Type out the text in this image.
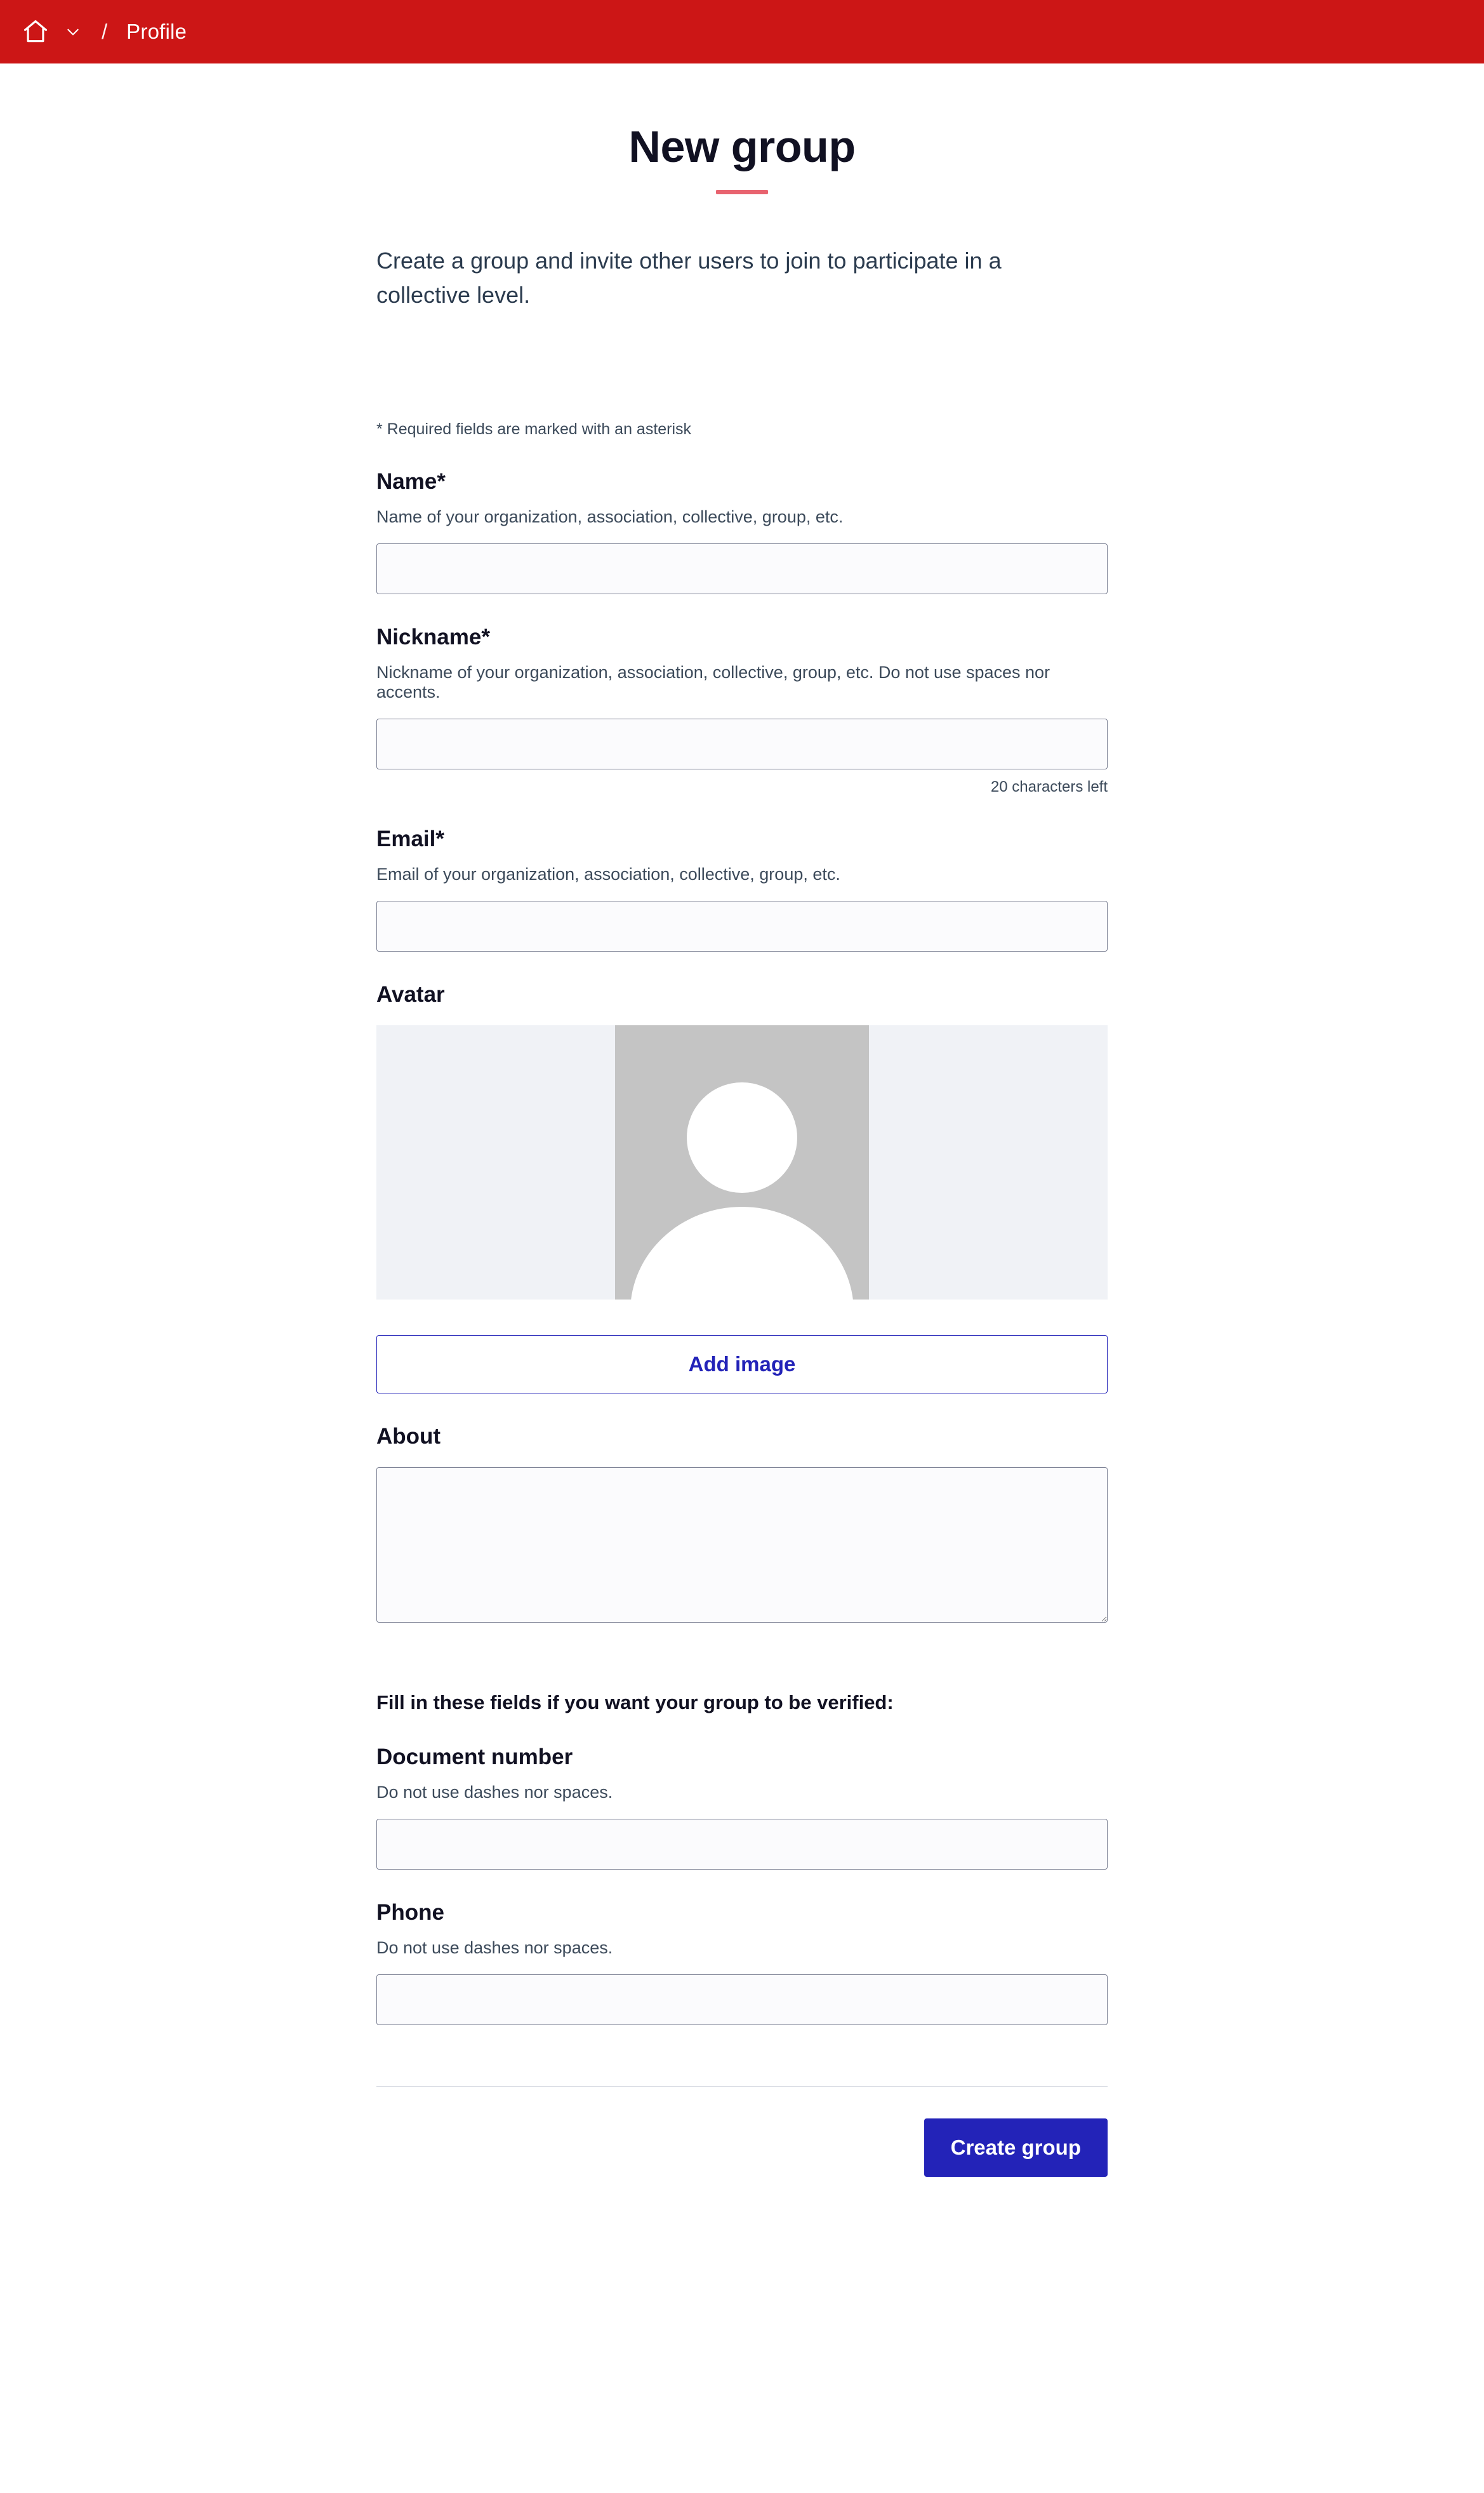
/ Profile
New group

Create a group and invite other users to join to participate in a collective level.

* Required fields are marked with an asterisk
Name*
Name of your organization, association, collective, group, etc.
Nickname*
Nickname of your organization, association, collective, group, etc. Do not use spaces nor accents.
20 characters left
Email*
Email of your organization, association, collective, group, etc.
Avatar
Add image
About
Fill in these fields if you want your group to be verified:
Document number
Do not use dashes nor spaces.
Phone
Do not use dashes nor spaces.
Create group
